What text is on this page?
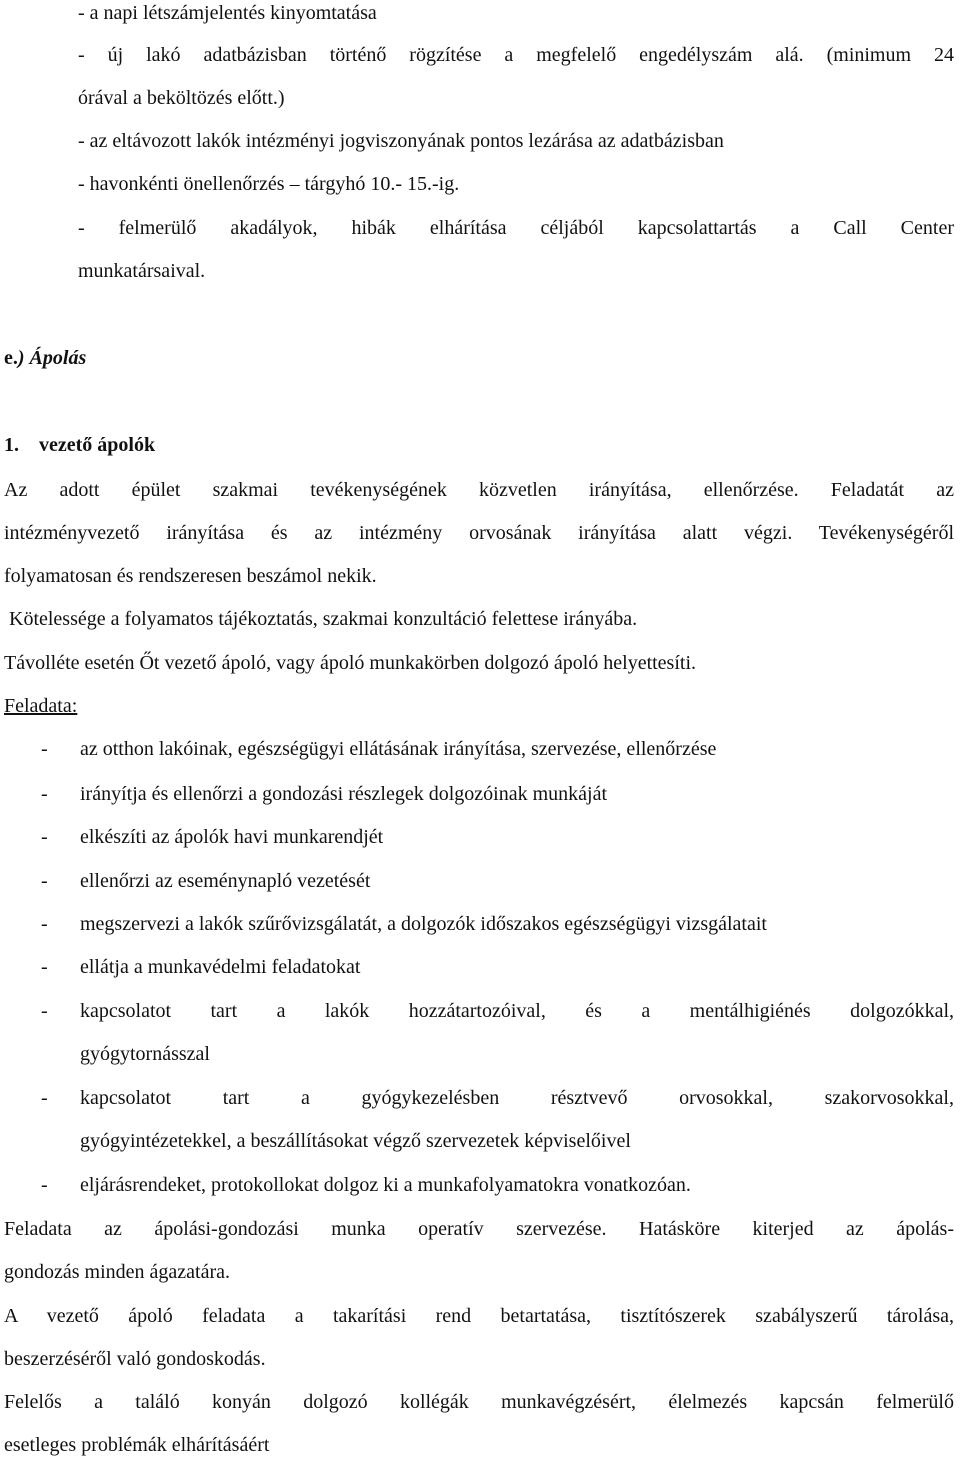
- a napi létszámjelentés kinyomtatása
- új lakó adatbázisban történő rögzítése a megfelelő engedélyszám alá. (minimum 24
órával a beköltözés előtt.)
- az eltávozott lakók intézményi jogviszonyának pontos lezárása az adatbázisban
- havonkénti önellenőrzés – tárgyhó 10.- 15.-ig.
- felmerülő akadályok, hibák elhárítása céljából kapcsolattartás a Call Center
munkatársaival.
e.) Ápolás
1. vezető ápolók
Az adott épület szakmai tevékenységének közvetlen irányítása, ellenőrzése. Feladatát az
intézményvezető irányítása és az intézmény orvosának irányítása alatt végzi. Tevékenységéről
folyamatosan és rendszeresen beszámol nekik.
Kötelessége a folyamatos tájékoztatás, szakmai konzultáció felettese irányába.
Távolléte esetén Őt vezető ápoló, vagy ápoló munkakörben dolgozó ápoló helyettesíti.
Feladata:
- az otthon lakóinak, egészségügyi ellátásának irányítása, szervezése, ellenőrzése
- irányítja és ellenőrzi a gondozási részlegek dolgozóinak munkáját
- elkészíti az ápolók havi munkarendjét
- ellenőrzi az eseménynapló vezetését
- megszervezi a lakók szűrővizsgálatát, a dolgozók időszakos egészségügyi vizsgálatait
- ellátja a munkavédelmi feladatokat
- kapcsolatot tart a lakók hozzátartozóival, és a mentálhigiénés dolgozókkal,
gyógytornásszal
- kapcsolatot tart a gyógykezelésben résztvevő orvosokkal, szakorvosokkal,
gyógyintézetekkel, a beszállításokat végző szervezetek képviselőivel
- eljárásrendeket, protokollokat dolgoz ki a munkafolyamatokra vonatkozóan.
Feladata az ápolási-gondozási munka operatív szervezése. Hatásköre kiterjed az ápolás-
gondozás minden ágazatára.
A vezető ápoló feladata a takarítási rend betartatása, tisztítószerek szabályszerű tárolása,
beszerzéséről való gondoskodás.
Felelős a találó konyán dolgozó kollégák munkavégzésért, élelmezés kapcsán felmerülő
esetleges problémák elhárításáért
